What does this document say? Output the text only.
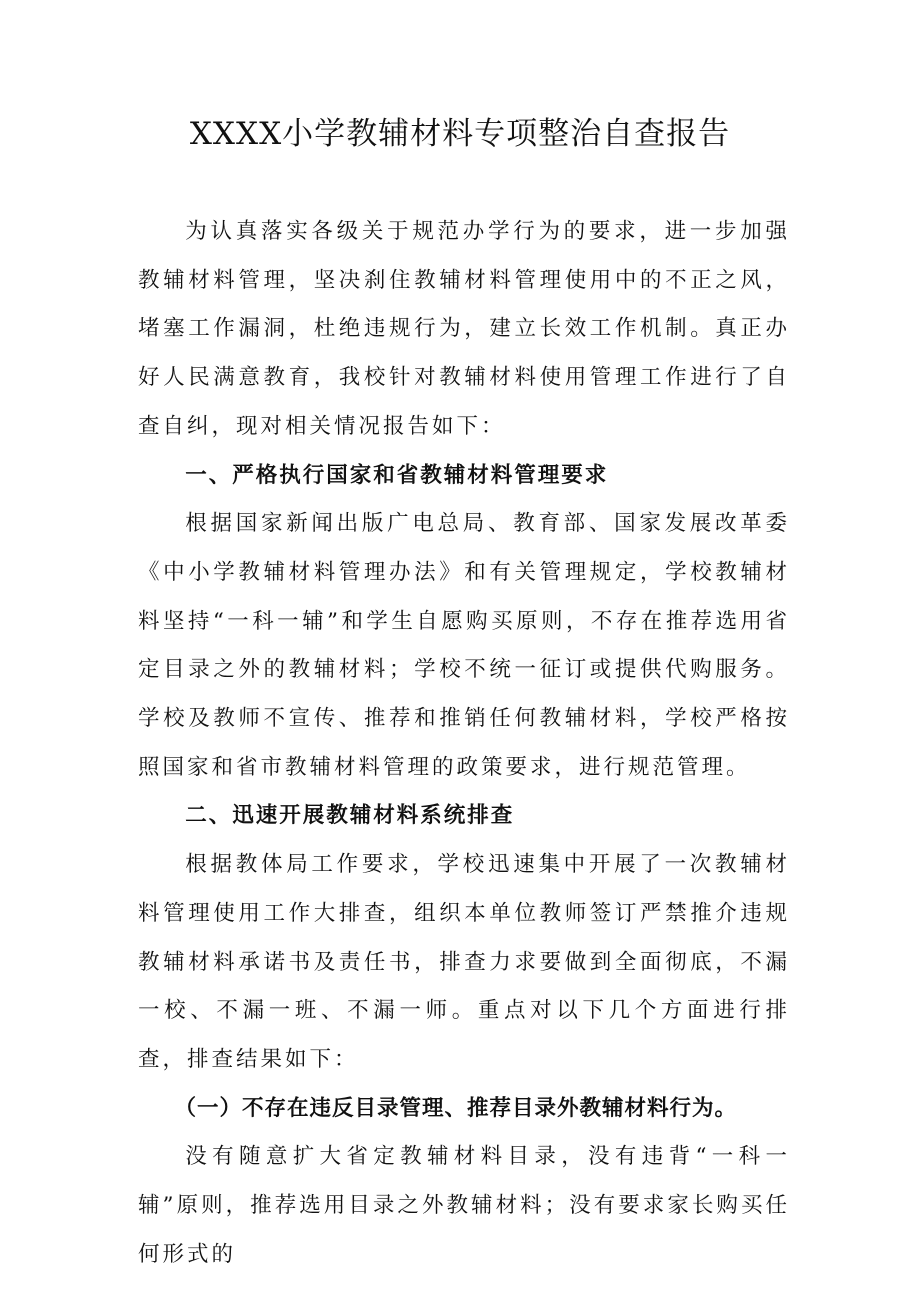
XXXX小学教辅材料专项整治自查报告

为认真落实各级关于规范办学行为的要求，进一步加强教辅材料管理，坚决刹住教辅材料管理使用中的不正之风，堵塞工作漏洞，杜绝违规行为，建立长效工作机制。真正办好人民满意教育，我校针对教辅材料使用管理工作进行了自查自纠，现对相关情况报告如下：

一、严格执行国家和省教辅材料管理要求

根据国家新闻出版广电总局、教育部、国家发展改革委《中小学教辅材料管理办法》和有关管理规定，学校教辅材料坚持“一科一辅”和学生自愿购买原则，不存在推荐选用省定目录之外的教辅材料；学校不统一征订或提供代购服务。学校及教师不宣传、推荐和推销任何教辅材料，学校严格按照国家和省市教辅材料管理的政策要求，进行规范管理。

二、迅速开展教辅材料系统排查

根据教体局工作要求，学校迅速集中开展了一次教辅材料管理使用工作大排查，组织本单位教师签订严禁推介违规教辅材料承诺书及责任书，排查力求要做到全面彻底，不漏一校、不漏一班、不漏一师。重点对以下几个方面进行排查，排查结果如下：

（一）不存在违反目录管理、推荐目录外教辅材料行为。

没有随意扩大省定教辅材料目录，没有违背“一科一辅”原则，推荐选用目录之外教辅材料；没有要求家长购买任何形式的
